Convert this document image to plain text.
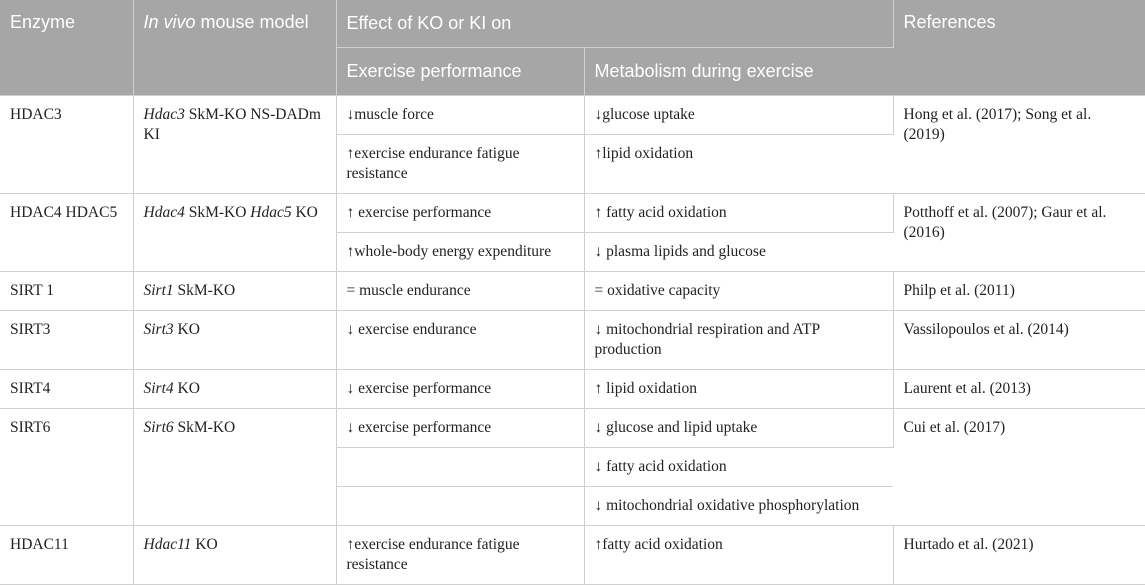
Enzyme	In vivo mouse model	Effect of KO or KI on		References
		Exercise performance	Metabolism during exercise	
HDAC3	Hdac3 SkM-KO NS-DADm KI	↓muscle force	↓glucose uptake	Hong et al. (2017); Song et al. (2019)
		↑exercise endurance fatigue resistance	↑lipid oxidation	
HDAC4 HDAC5	Hdac4 SkM-KO Hdac5 KO	↑ exercise performance	↑ fatty acid oxidation	Potthoff et al. (2007); Gaur et al. (2016)
		↑whole-body energy expenditure	↓ plasma lipids and glucose	
SIRT 1	Sirt1 SkM-KO	= muscle endurance	= oxidative capacity	Philp et al. (2011)
SIRT3	Sirt3 KO	↓ exercise endurance	↓ mitochondrial respiration and ATP production	Vassilopoulos et al. (2014)
SIRT4	Sirt4 KO	↓ exercise performance	↑ lipid oxidation	Laurent et al. (2013)
SIRT6	Sirt6 SkM-KO	↓ exercise performance	↓ glucose and lipid uptake	Cui et al. (2017)
			↓ fatty acid oxidation	
			↓ mitochondrial oxidative phosphorylation	
HDAC11	Hdac11 KO	↑exercise endurance fatigue resistance	↑fatty acid oxidation	Hurtado et al. (2021)
